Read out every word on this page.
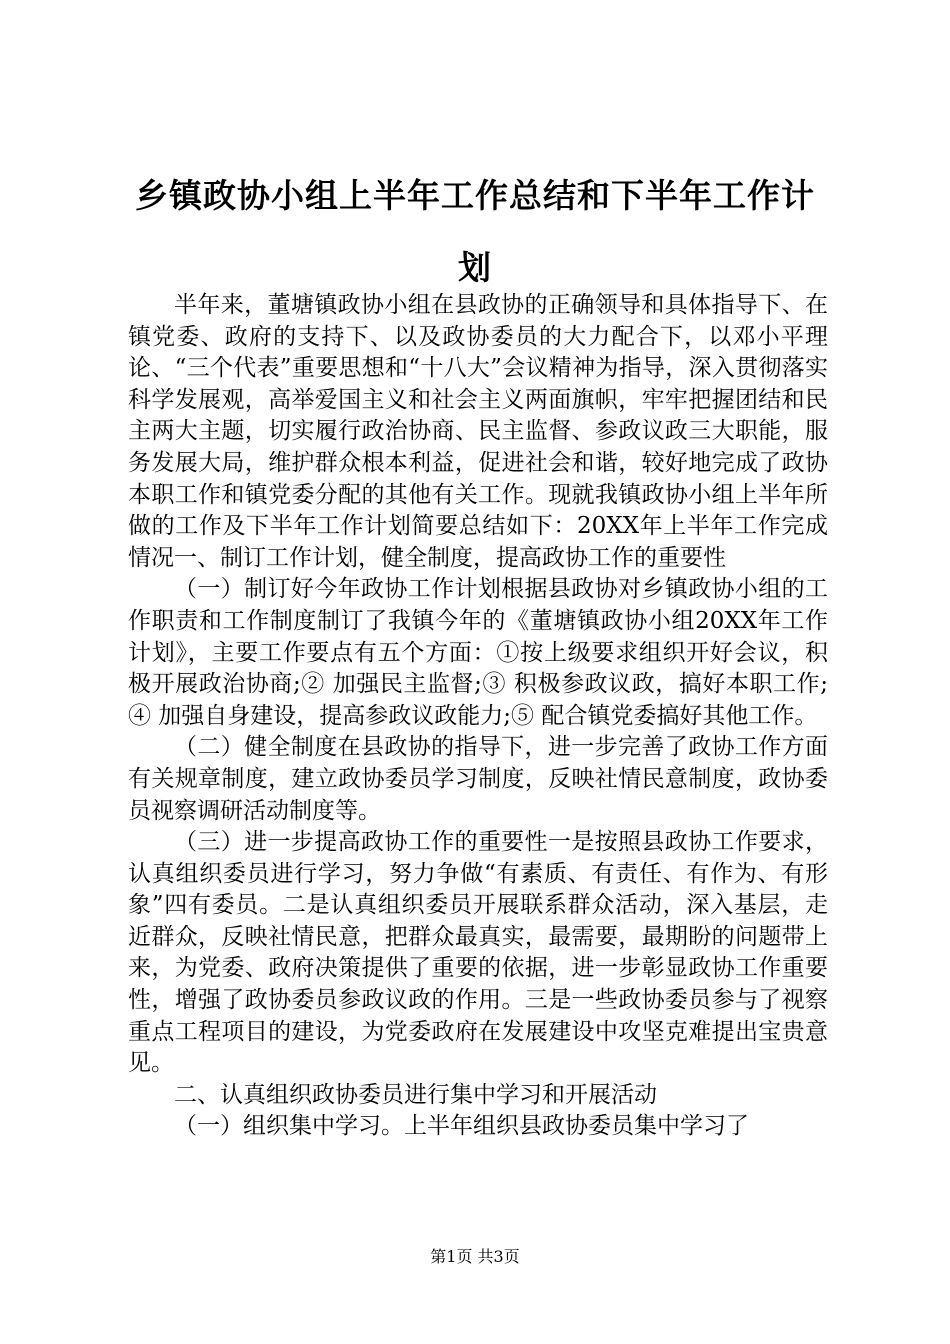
乡镇政协小组上半年工作总结和下半年工作计划

半年来，董塘镇政协小组在县政协的正确领导和具体指导下、在镇党委、政府的支持下、以及政协委员的大力配合下，以邓小平理论、“三个代表”重要思想和“十八大”会议精神为指导，深入贯彻落实科学发展观，高举爱国主义和社会主义两面旗帜，牢牢把握团结和民主两大主题，切实履行政治协商、民主监督、参政议政三大职能，服务发展大局，维护群众根本利益，促进社会和谐，较好地完成了政协本职工作和镇党委分配的其他有关工作。现就我镇政协小组上半年所做的工作及下半年工作计划简要总结如下：20XX年上半年工作完成情况一、制订工作计划，健全制度，提高政协工作的重要性

（一）制订好今年政协工作计划根据县政协对乡镇政协小组的工作职责和工作制度制订了我镇今年的《董塘镇政协小组20XX年工作计划》，主要工作要点有五个方面：①按上级要求组织开好会议，积极开展政治协商;② 加强民主监督;③ 积极参政议政，搞好本职工作;④ 加强自身建设，提高参政议政能力;⑤ 配合镇党委搞好其他工作。

（二）健全制度在县政协的指导下，进一步完善了政协工作方面有关规章制度，建立政协委员学习制度，反映社情民意制度，政协委员视察调研活动制度等。

（三）进一步提高政协工作的重要性一是按照县政协工作要求，认真组织委员进行学习，努力争做“有素质、有责任、有作为、有形象”四有委员。二是认真组织委员开展联系群众活动，深入基层，走近群众，反映社情民意，把群众最真实，最需要，最期盼的问题带上来，为党委、政府决策提供了重要的依据，进一步彰显政协工作重要性，增强了政协委员参政议政的作用。三是一些政协委员参与了视察重点工程项目的建设，为党委政府在发展建设中攻坚克难提出宝贵意见。

二、认真组织政协委员进行集中学习和开展活动

（一）组织集中学习。上半年组织县政协委员集中学习了

第1页 共3页
